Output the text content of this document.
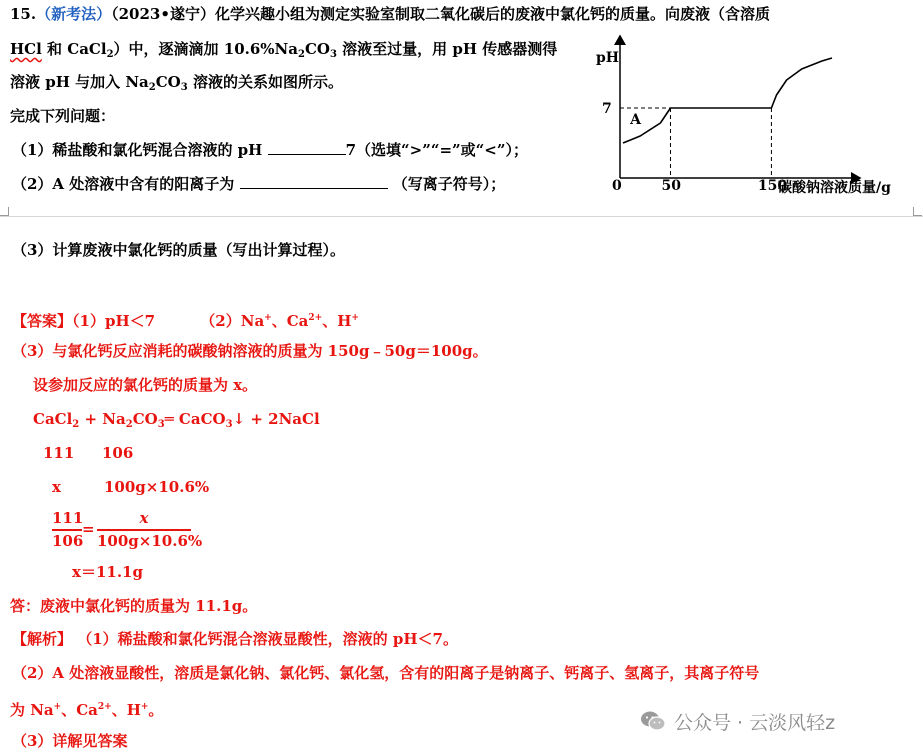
15.（新考法）（2023•遂宁）化学兴趣小组为测定实验室制取二氧化碳后的废液中氯化钙的质量。向废液（含溶质
HCl 和 CaCl$_2$）中，逐滴滴加 $10.6\%Na_2CO_3$ 溶液至过量，用 pH 传感器测得
溶液 pH 与加入 $Na_2CO_3$ 溶液的关系如图所示。
完成下列问题：
（1）稀盐酸和氯化钙混合溶液的 pH	7（选填“>”“=”或“<”）；
（2）A 处溶液中含有的阳离子为	（写离子符号）；
pH
碳酸钠溶液质量/g
0	50	150
7
A
（3）计算废液中氯化钙的质量（写出计算过程）。
【答案】（1）pH＜7	（2）Na+、$Ca^{2+}$、H+
（3）与氯化钙反应消耗的碳酸钠溶液的质量为 150g﹣50g＝100g。
设参加反应的氯化钙的质量为 x。
CaCl$_2$ + $Na_2CO_3═$ CaCO$_3$↓ + 2NaCl
111 106
x	100g×10.6%
111
106
=
x
100g×10.6%
x＝11.1g
答：废液中氯化钙的质量为 11.1g。
【解析】 （1）稀盐酸和氯化钙混合溶液显酸性，溶液的 pH＜7。
（2）A 处溶液显酸性，溶质是氯化钠、氯化钙、氯化氢，含有的阳离子是钠离子、钙离子、氢离子，其离子符号
为 Na+、$Ca^{2+}$、H+。
（3）详解见答案
公众号 · 云淡风轻z
